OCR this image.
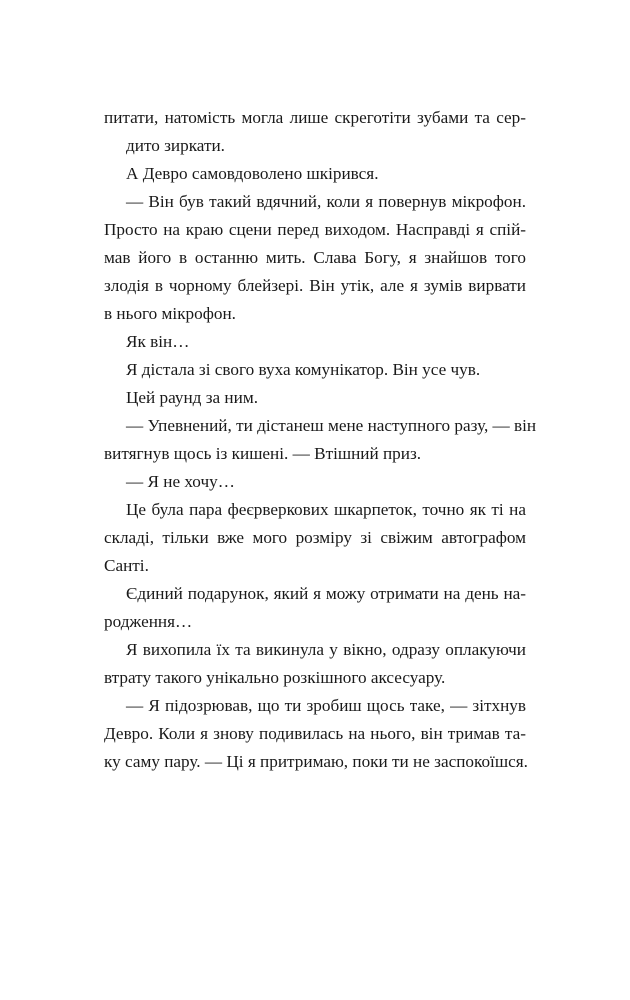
питати, натомість могла лише скреготіти зубами та сер-
дито зиркати.
А Девро самовдоволено шкірився.
— Він був такий вдячний, коли я повернув мікрофон.
Просто на краю сцени перед виходом. Насправді я спій-
мав його в останню мить. Слава Богу, я знайшов того
злодія в чорному блейзері. Він утік, але я зумів вирвати
в нього мікрофон.
Як він…
Я дістала зі свого вуха комунікатор. Він усе чув.
Цей раунд за ним.
— Упевнений, ти дістанеш мене наступного разу, — він
витягнув щось із кишені. — Втішний приз.
— Я не хочу…
Це була пара феєрверкових шкарпеток, точно як ті на
складі, тільки вже мого розміру зі свіжим автографом
Санті.
Єдиний подарунок, який я можу отримати на день на-
родження…
Я вихопила їх та викинула у вікно, одразу оплакуючи
втрату такого унікально розкішного аксесуару.
— Я підозрював, що ти зробиш щось таке, — зітхнув
Девро. Коли я знову подивилась на нього, він тримав та-
ку саму пару. — Ці я притримаю, поки ти не заспокоїшся.
